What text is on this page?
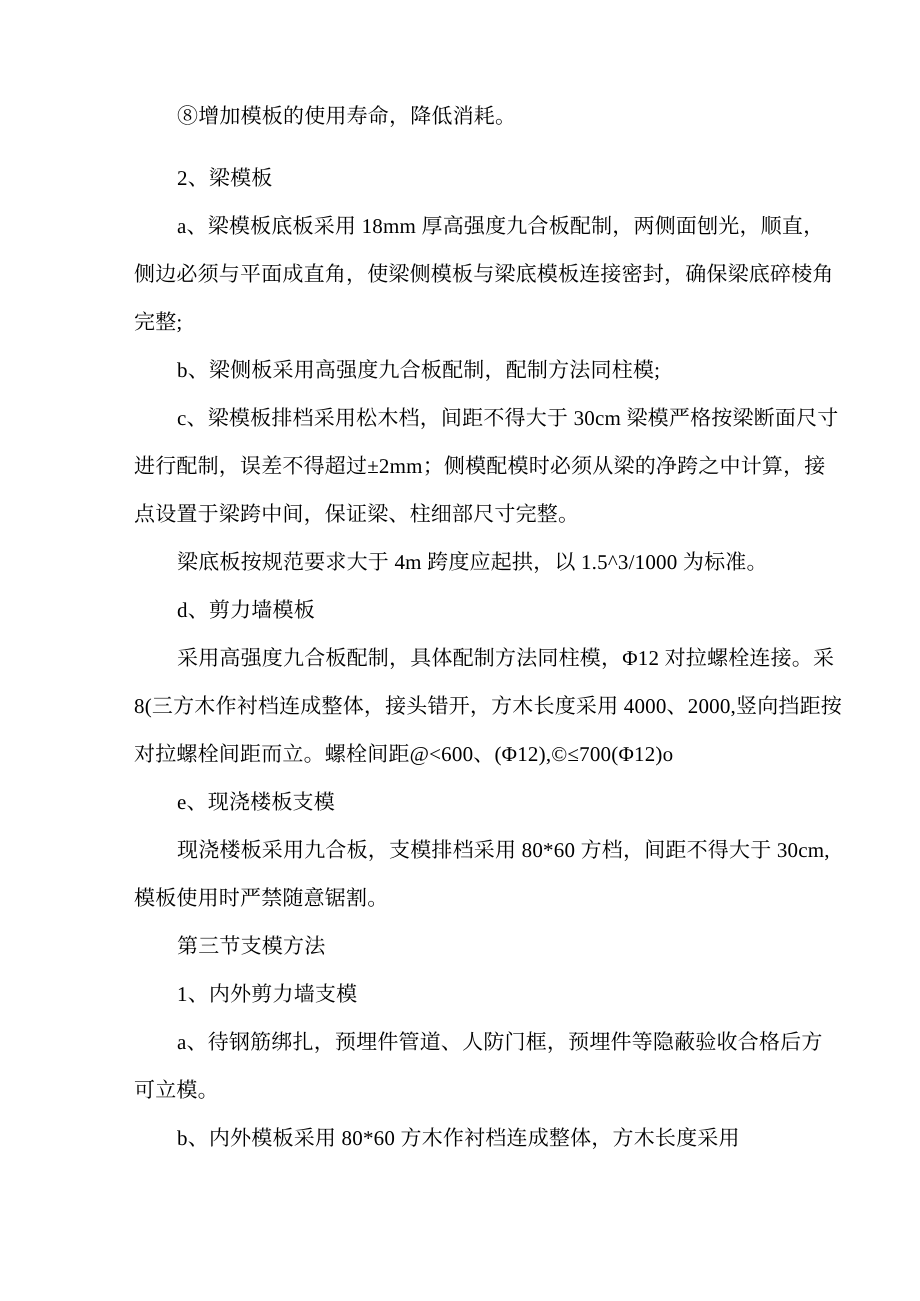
⑧增加模板的使用寿命，降低消耗。
2、梁模板
a、梁模板底板采用 18mm 厚高强度九合板配制，两侧面刨光，顺直，
侧边必须与平面成直角，使梁侧模板与梁底模板连接密封，确保梁底碎棱角
完整;
b、梁侧板采用高强度九合板配制，配制方法同柱模;
c、梁模板排档采用松木档，间距不得大于 30cm 梁模严格按梁断面尺寸
进行配制，误差不得超过±2mm；侧模配模时必须从梁的净跨之中计算，接
点设置于梁跨中间，保证梁、柱细部尺寸完整。
梁底板按规范要求大于 4m 跨度应起拱，以 1.5^3/1000 为标准。
d、剪力墙模板
采用高强度九合板配制，具体配制方法同柱模，Φ12 对拉螺栓连接。采
8(三方木作衬档连成整体，接头错开，方木长度采用 4000、2000,竖向挡距按
对拉螺栓间距而立。螺栓间距@<600、(Φ12),©≤700(Φ12)o
e、现浇楼板支模
现浇楼板采用九合板，支模排档采用 80*60 方档，间距不得大于 30cm,
模板使用时严禁随意锯割。
第三节支模方法
1、内外剪力墙支模
a、待钢筋绑扎，预埋件管道、人防门框，预埋件等隐蔽验收合格后方
可立模。
b、内外模板采用 80*60 方木作衬档连成整体，方木长度采用
